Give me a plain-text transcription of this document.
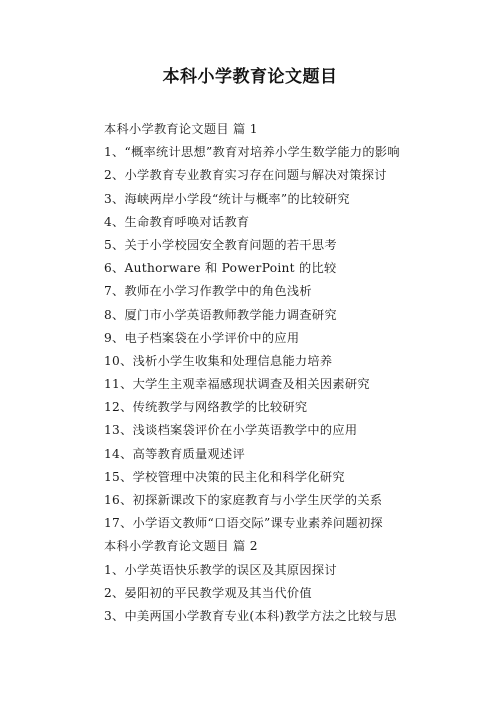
本科小学教育论文题目
本科小学教育论文题目 篇 1
1、“概率统计思想”教育对培养小学生数学能力的影响
2、小学教育专业教育实习存在问题与解决对策探讨
3、海峡两岸小学段“统计与概率”的比较研究
4、生命教育呼唤对话教育
5、关于小学校园安全教育问题的若干思考
6、Authorware 和 PowerPoint 的比较
7、教师在小学习作教学中的角色浅析
8、厦门市小学英语教师教学能力调查研究
9、电子档案袋在小学评价中的应用
10、浅析小学生收集和处理信息能力培养
11、大学生主观幸福感现状调查及相关因素研究
12、传统教学与网络教学的比较研究
13、浅谈档案袋评价在小学英语教学中的应用
14、高等教育质量观述评
15、学校管理中决策的民主化和科学化研究
16、初探新课改下的家庭教育与小学生厌学的关系
17、小学语文教师“口语交际”课专业素养问题初探
本科小学教育论文题目 篇 2
1、小学英语快乐教学的误区及其原因探讨
2、晏阳初的平民教学观及其当代价值
3、中美两国小学教育专业(本科)教学方法之比较与思
